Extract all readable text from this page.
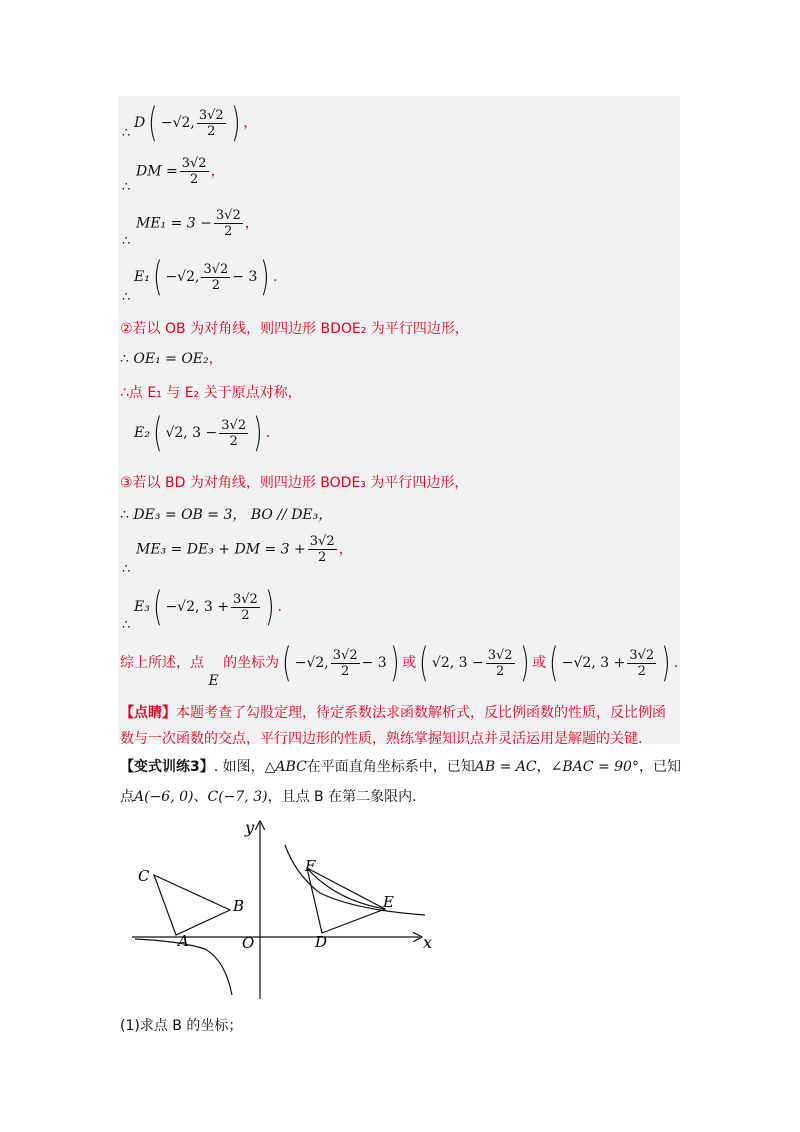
∴
D( −√2, $\frac{3√2}{2}$ ) ，
∴
DM = $\frac{3√2}{2}$ ，
∴
$ME_1 = 3 - \frac{3√2}{2}$ ，
∴
E₁( −√2, $\frac{3√2}{2} - 3$) .
②若以 OB 为对角线，则四边形 BDOE₂ 为平行四边形，
∴ OE₁ = OE₂，
∴点 E₁ 与 E₂ 关于原点对称，
E₂( √2, $3 - \frac{3√2}{2}$ ) .
③若以 BD 为对角线，则四边形 BODE₃ 为平行四边形，
∴ DE₃ = OB = 3， BO // DE₃，
∴
ME₃ = DE₃ + DM = $3 + \frac{3√2}{2}$ ，
∴
E₃( −√2, $3 + \frac{3√2}{2}$ ) .
综上所述，点 E 的坐标为( −√2, $\frac{3√2}{2} - 3$) 或( √2, $3 - \frac{3√2}{2}$ ) 或( −√2, $3 + \frac{3√2}{2}$ ) .
【点睛】本题考查了勾股定理，待定系数法求函数解析式，反比例函数的性质，反比例函
数与一次函数的交点，平行四边形的性质，熟练掌握知识点并灵活运用是解题的关键.
【变式训练3】. 如图，△ABC在平面直角坐标系中，已知AB = AC，∠BAC = 90°，已知
点A(−6, 0)、C(−7, 3)，且点 B 在第二象限内.
C
B
A	O	D
F
E
x
y
(1)求点 B 的坐标；
